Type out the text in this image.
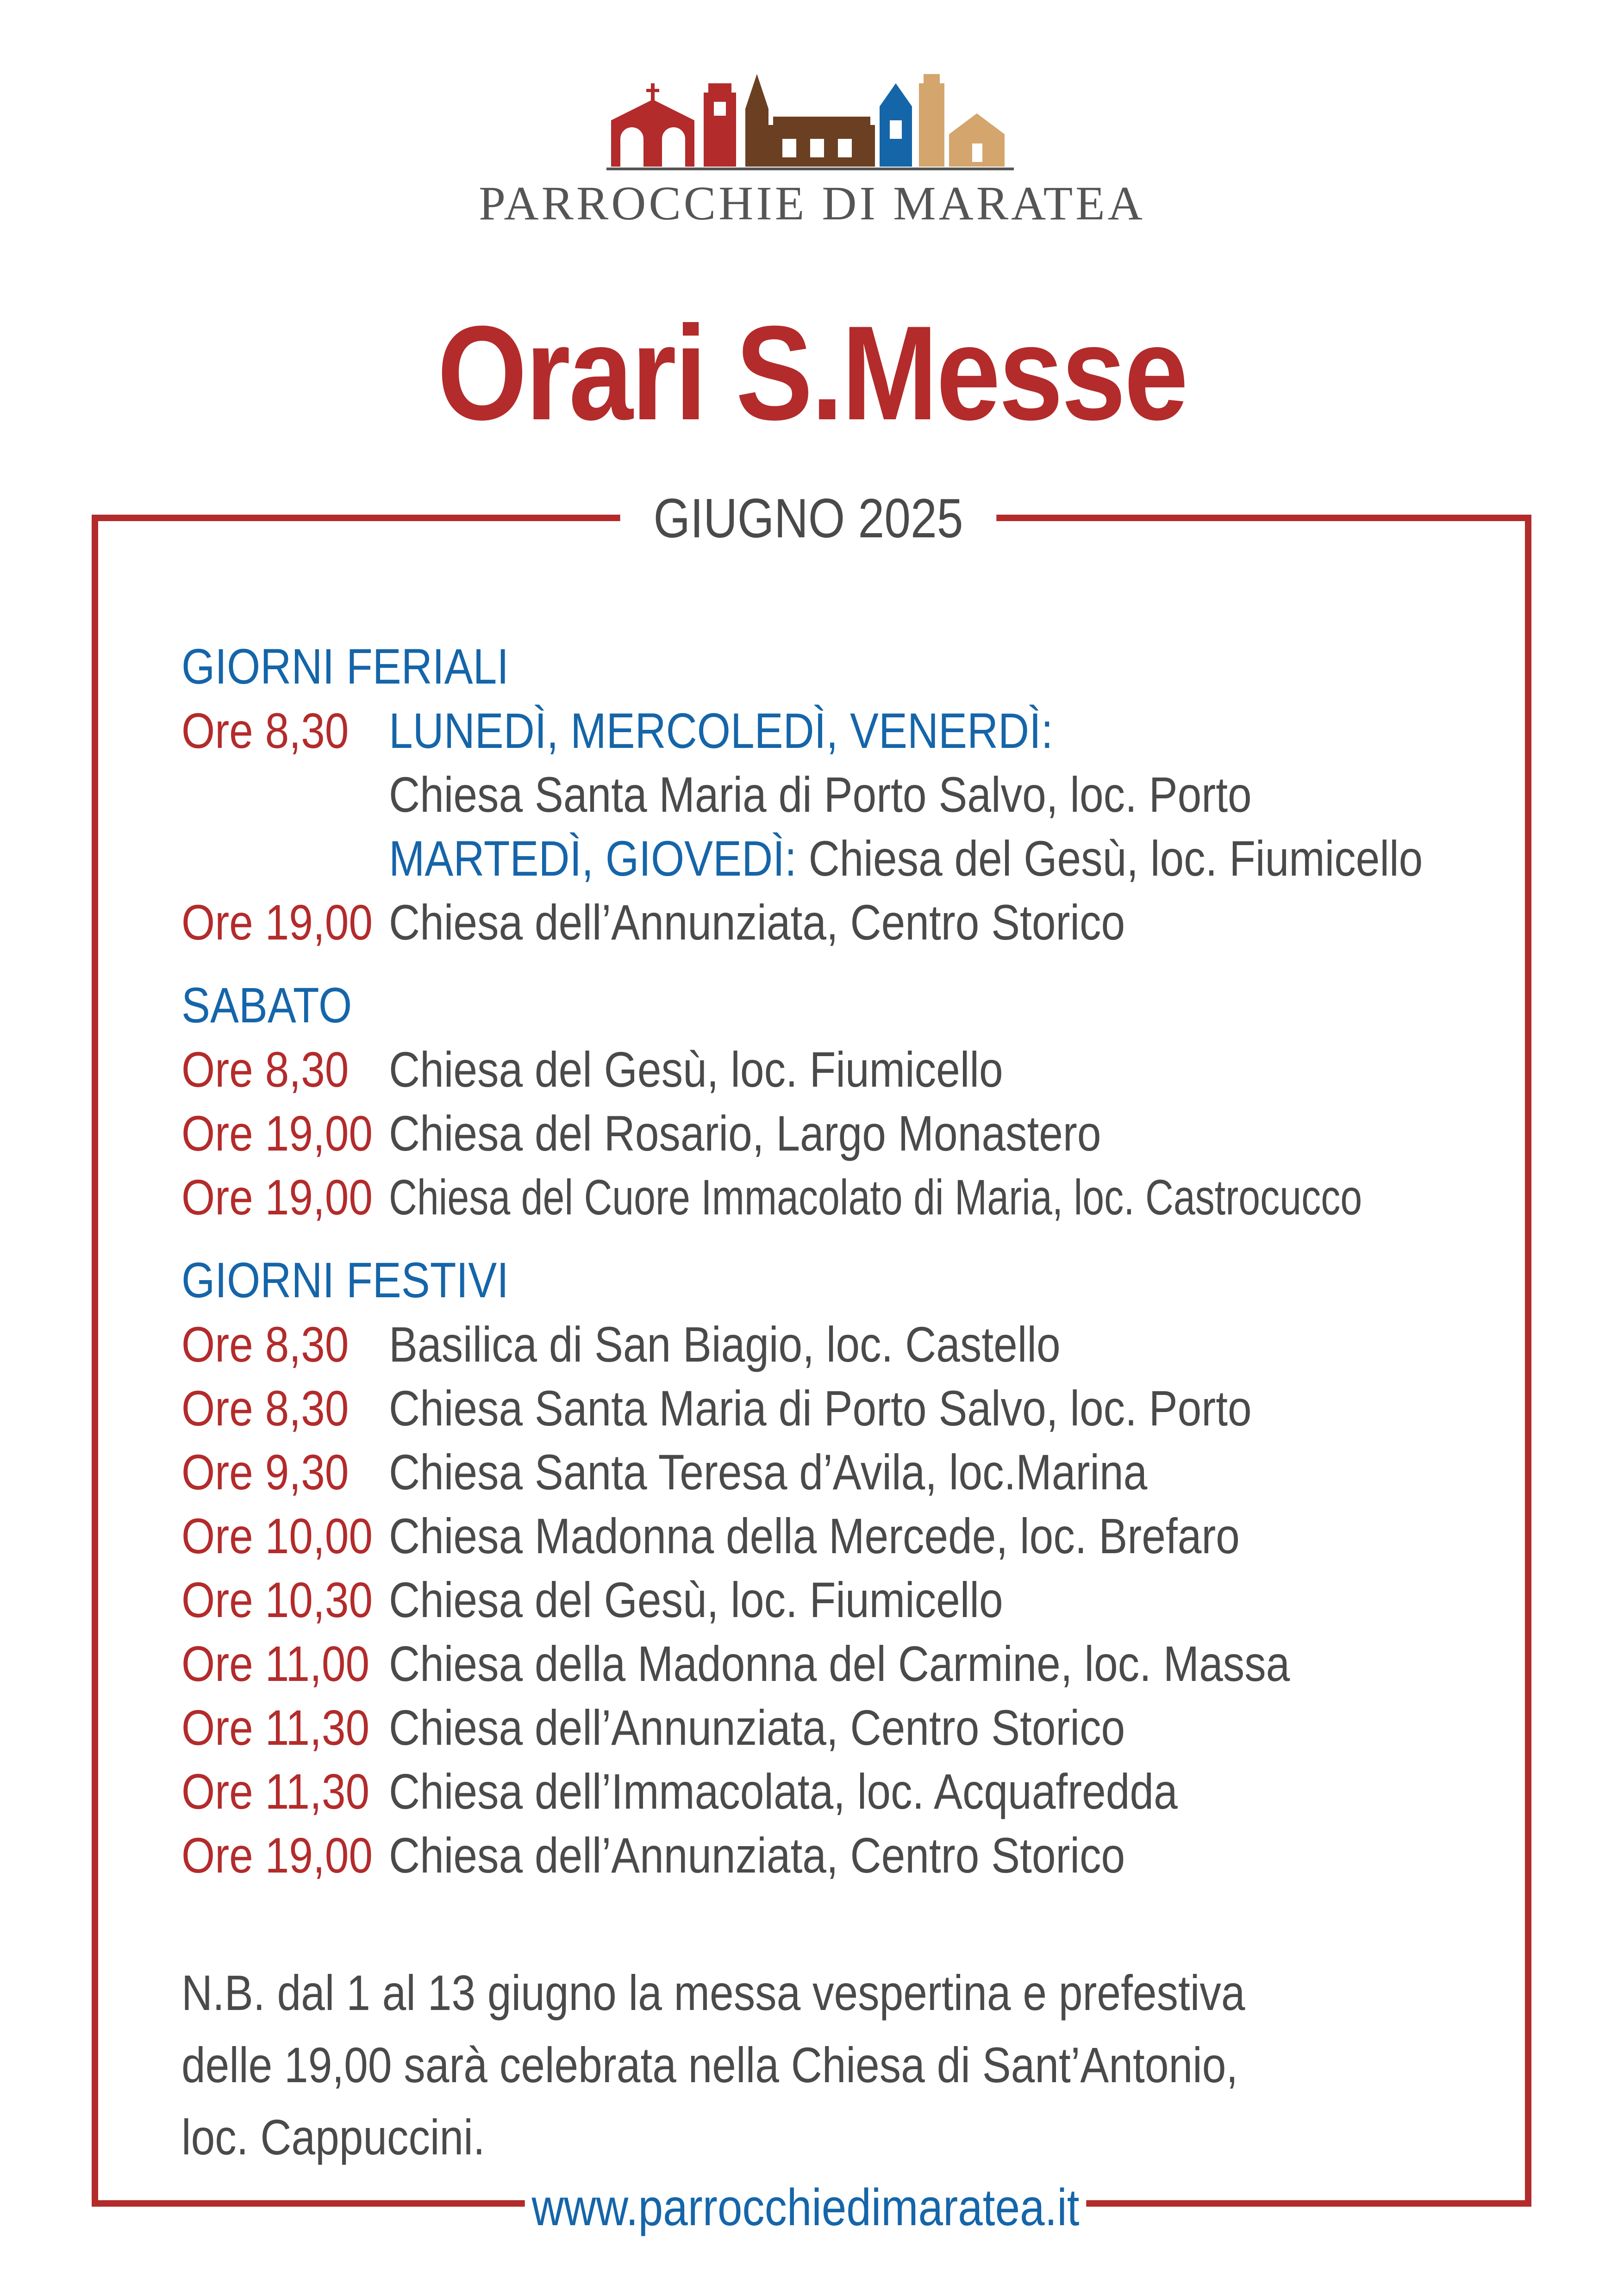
PARROCCHIE DI MARATEA
Orari S.Messe
GIUGNO 2025
GIORNI FERIALI
Ore 8,30 LUNEDÌ, MERCOLEDÌ, VENERDÌ:
Chiesa Santa Maria di Porto Salvo, loc. Porto
MARTEDÌ, GIOVEDÌ: Chiesa del Gesù, loc. Fiumicello
Ore 19,00 Chiesa dell’Annunziata, Centro Storico
SABATO
Ore 8,30 Chiesa del Gesù, loc. Fiumicello
Ore 19,00 Chiesa del Rosario, Largo Monastero
Ore 19,00 Chiesa del Cuore Immacolato di Maria, loc. Castrocucco
GIORNI FESTIVI
Ore 8,30 Basilica di San Biagio, loc. Castello
Ore 8,30 Chiesa Santa Maria di Porto Salvo, loc. Porto
Ore 9,30 Chiesa Santa Teresa d’Avila, loc.Marina
Ore 10,00 Chiesa Madonna della Mercede, loc. Brefaro
Ore 10,30 Chiesa del Gesù, loc. Fiumicello
Ore 11,00 Chiesa della Madonna del Carmine, loc. Massa
Ore 11,30 Chiesa dell’Annunziata, Centro Storico
Ore 11,30 Chiesa dell’Immacolata, loc. Acquafredda
Ore 19,00 Chiesa dell’Annunziata, Centro Storico
N.B. dal 1 al 13 giugno la messa vespertina e prefestiva
delle 19,00 sarà celebrata nella Chiesa di Sant’Antonio,
loc. Cappuccini.
www.parrocchiedimaratea.it
